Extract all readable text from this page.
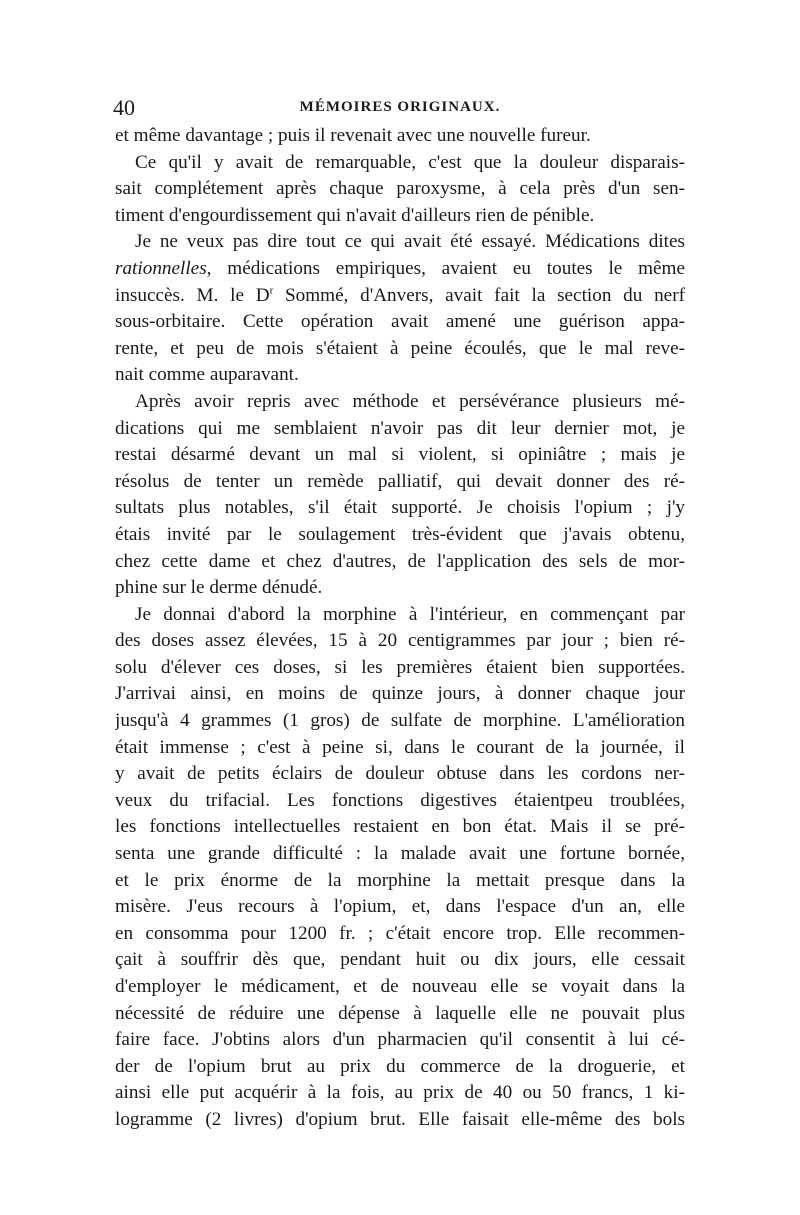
40	MÉMOIRES ORIGINAUX.

et même davantage ; puis il revenait avec une nouvelle fureur.

Ce qu'il y avait de remarquable, c'est que la douleur disparais-
sait complétement après chaque paroxysme, à cela près d'un sen-
timent d'engourdissement qui n'avait d'ailleurs rien de pénible.

Je ne veux pas dire tout ce qui avait été essayé. Médications dites
rationnelles, médications empiriques, avaient eu toutes le même
insuccès. M. le $D^r$ Sommé, d'Anvers, avait fait la section du nerf
sous-orbitaire. Cette opération avait amené une guérison appa-
rente, et peu de mois s'étaient à peine écoulés, que le mal reve-
nait comme auparavant.

Après avoir repris avec méthode et persévérance plusieurs mé-
dications qui me semblaient n'avoir pas dit leur dernier mot, je
restai désarmé devant un mal si violent, si opiniâtre ; mais je
résolus de tenter un remède palliatif, qui devait donner des ré-
sultats plus notables, s'il était supporté. Je choisis l'opium ; j'y
étais invité par le soulagement très-évident que j'avais obtenu,
chez cette dame et chez d'autres, de l'application des sels de mor-
phine sur le derme dénudé.

Je donnai d'abord la morphine à l'intérieur, en commençant par
des doses assez élevées, 15 à 20 centigrammes par jour ; bien ré-
solu d'élever ces doses, si les premières étaient bien supportées.
J'arrivai ainsi, en moins de quinze jours, à donner chaque jour
jusqu'à 4 grammes (1 gros) de sulfate de morphine. L'amélioration
était immense ; c'est à peine si, dans le courant de la journée, il
y avait de petits éclairs de douleur obtuse dans les cordons ner-
veux du trifacial. Les fonctions digestives étaientpeu troublées,
les fonctions intellectuelles restaient en bon état. Mais il se pré-
senta une grande difficulté : la malade avait une fortune bornée,
et le prix énorme de la morphine la mettait presque dans la
misère. J'eus recours à l'opium, et, dans l'espace d'un an, elle
en consomma pour 1200 fr. ; c'était encore trop. Elle recommen-
çait à souffrir dès que, pendant huit ou dix jours, elle cessait
d'employer le médicament, et de nouveau elle se voyait dans la
nécessité de réduire une dépense à laquelle elle ne pouvait plus
faire face. J'obtins alors d'un pharmacien qu'il consentit à lui cé-
der de l'opium brut au prix du commerce de la droguerie, et
ainsi elle put acquérir à la fois, au prix de 40 ou 50 francs, 1 ki-
logramme (2 livres) d'opium brut. Elle faisait elle-même des bols
